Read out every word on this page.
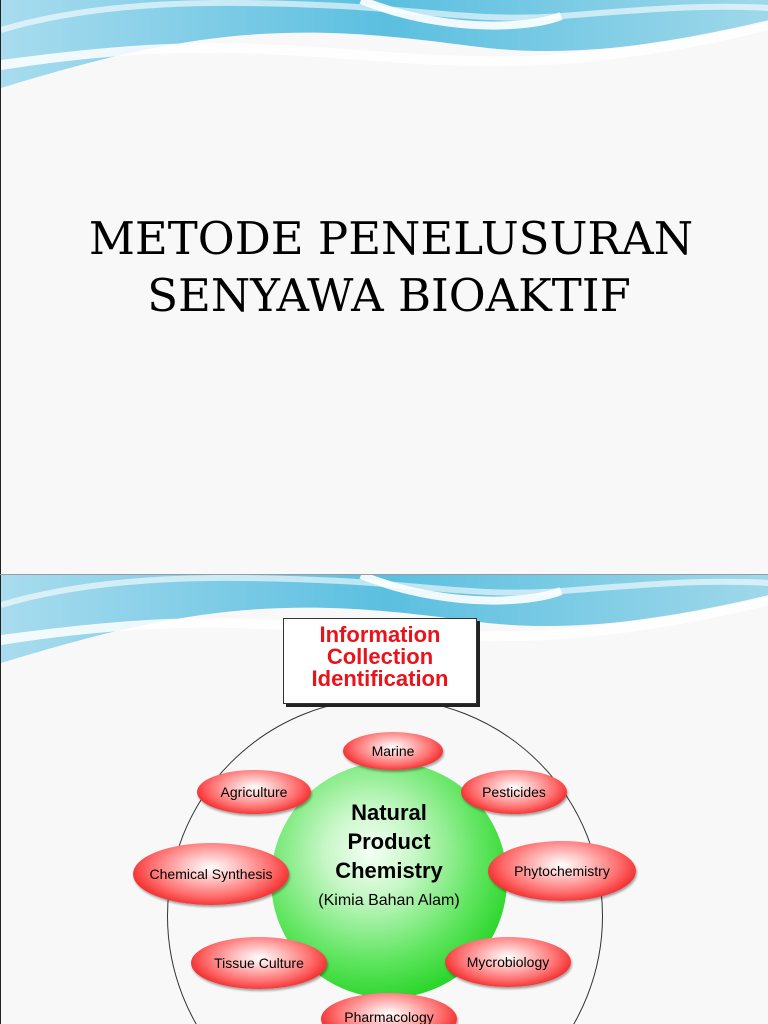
METODE PENELUSURAN
SENYAWA BIOAKTIF
Information
Collection
Identification
Natural
Product
Chemistry
(Kimia Bahan Alam)
Marine
Agriculture	Pesticides
Chemical Synthesis	Phytochemistry
Tissue Culture	Mycrobiology
Pharmacology
